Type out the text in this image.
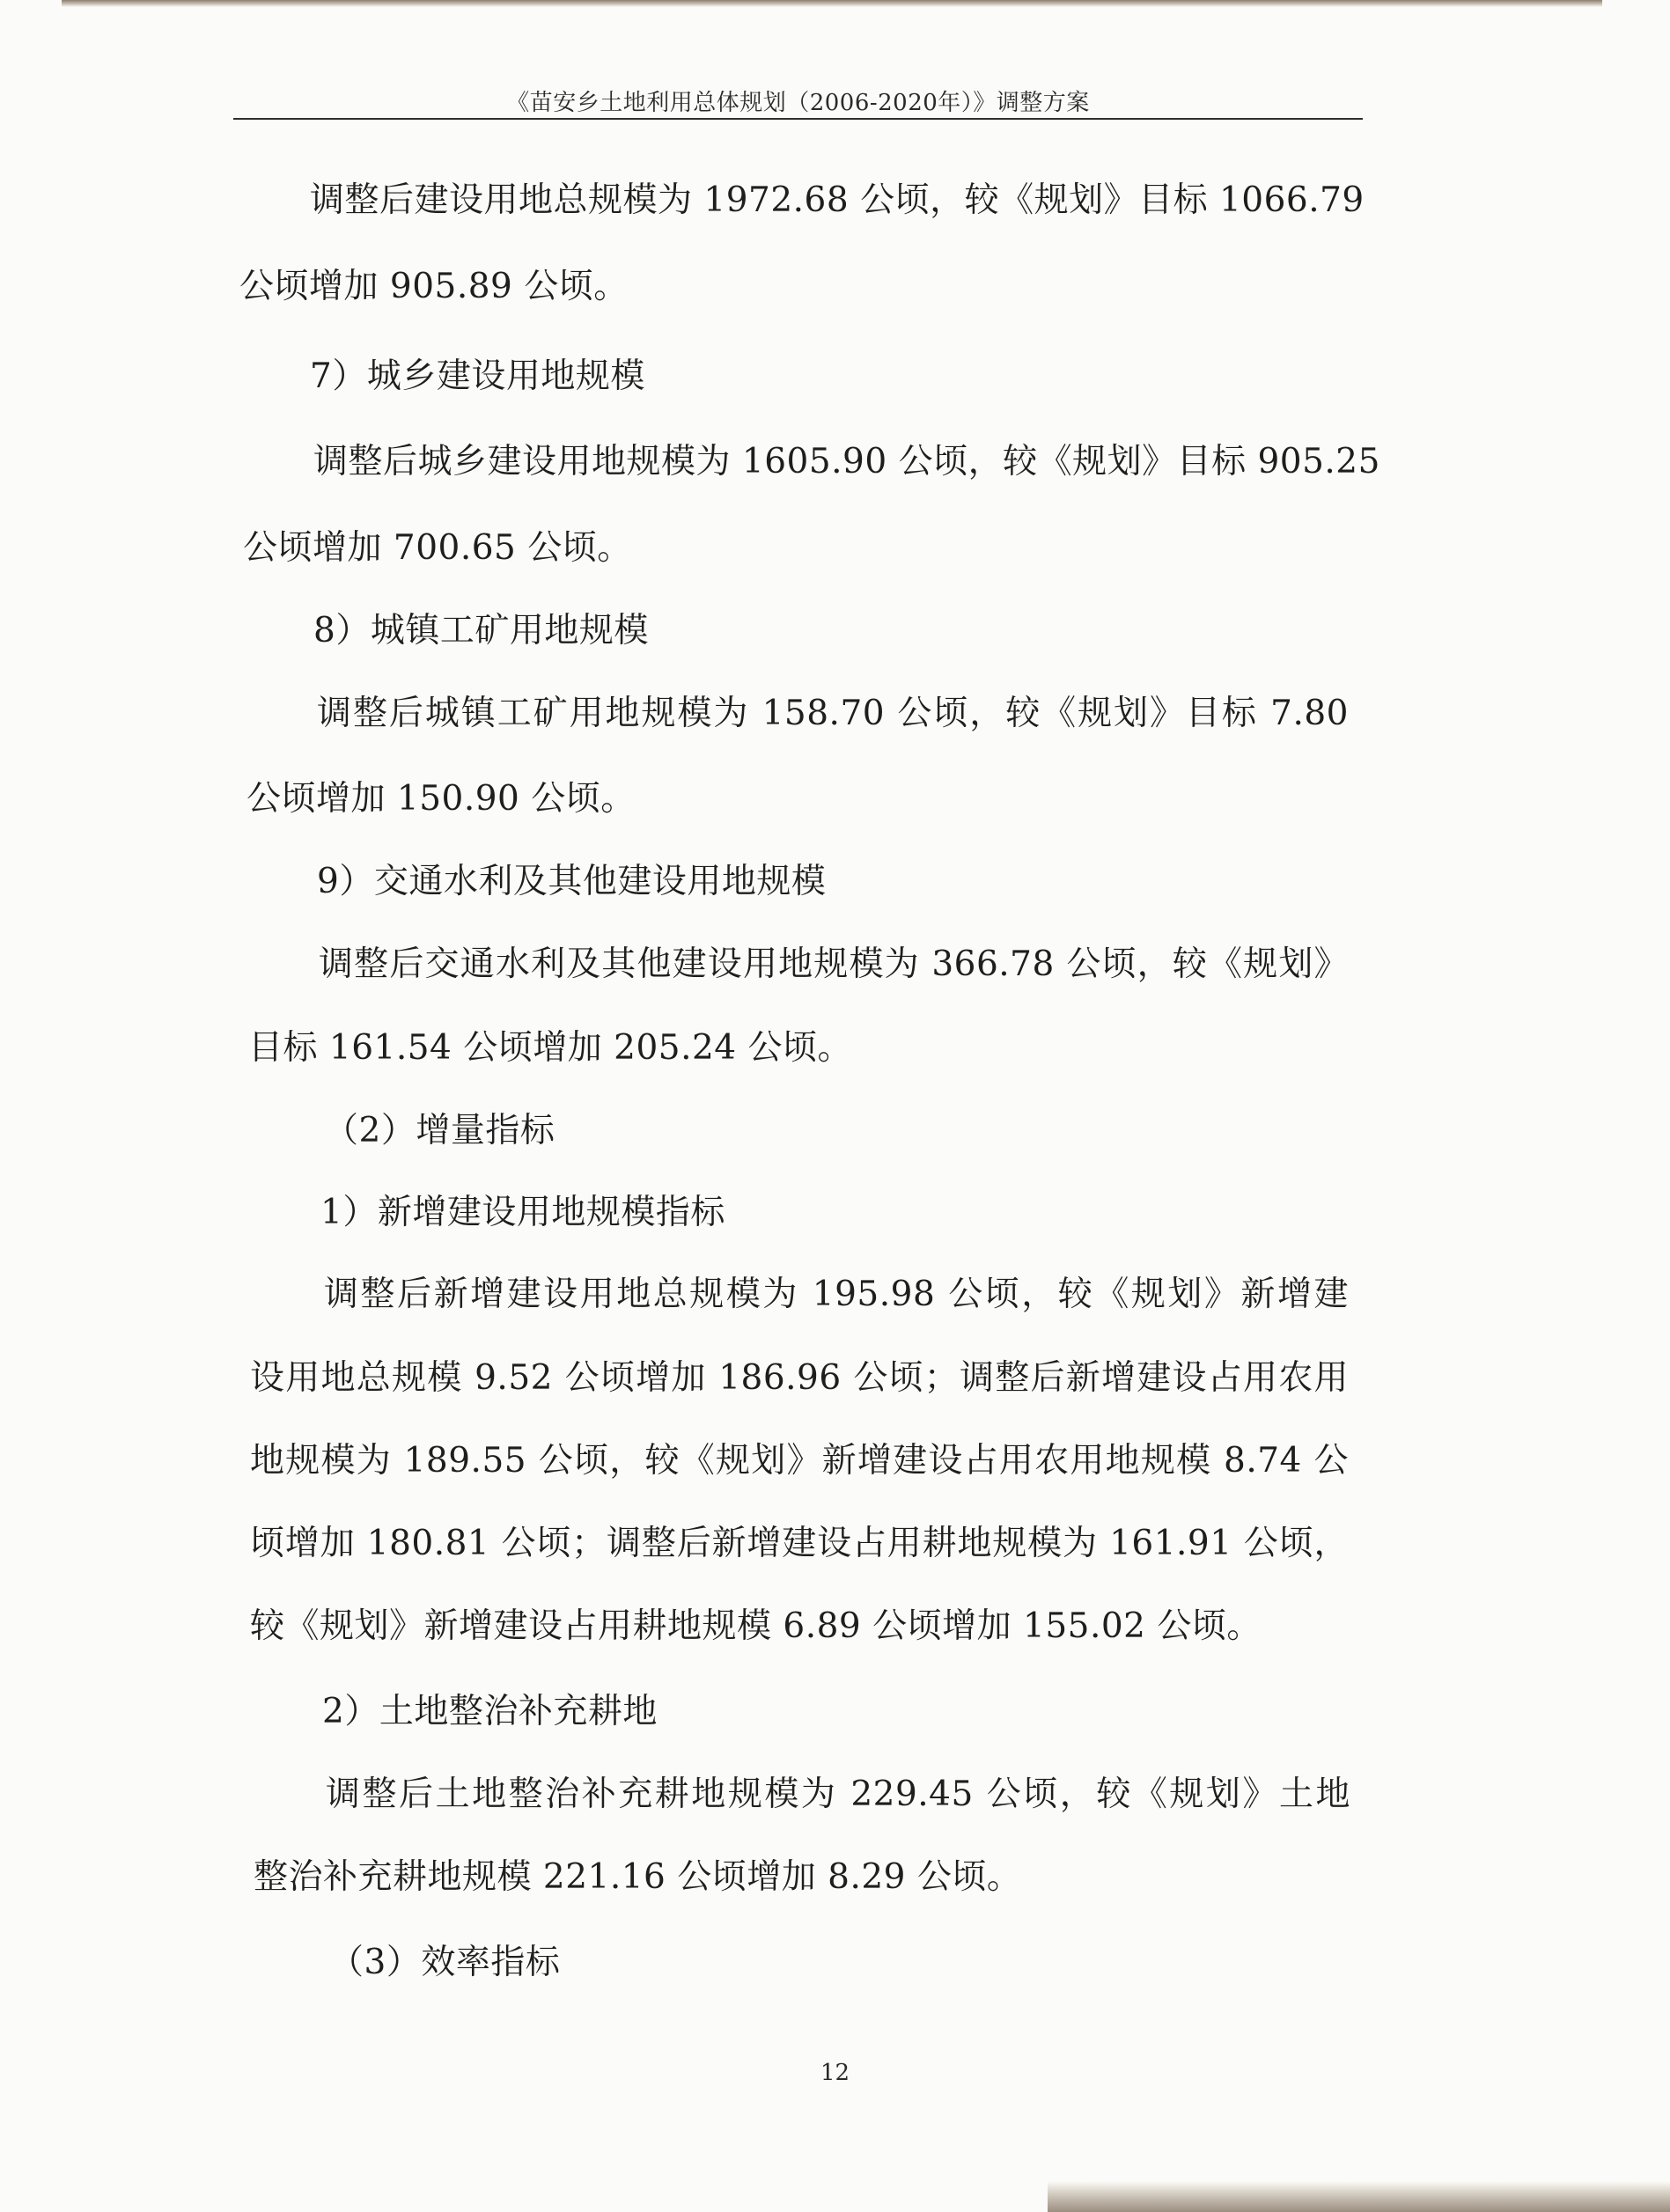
《苗安乡土地利用总体规划（2006-2020年）》调整方案
调整后建设用地总规模为 1972.68 公顷，较《规划》目标 1066.79
公顷增加 905.89 公顷。
7）城乡建设用地规模
调整后城乡建设用地规模为 1605.90 公顷，较《规划》目标 905.25
公顷增加 700.65 公顷。
8）城镇工矿用地规模
调整后城镇工矿用地规模为 158.70 公顷，较《规划》目标 7.80
公顷增加 150.90 公顷。
9）交通水利及其他建设用地规模
调整后交通水利及其他建设用地规模为 366.78 公顷，较《规划》
目标 161.54 公顷增加 205.24 公顷。
（2）增量指标
1）新增建设用地规模指标
调整后新增建设用地总规模为 195.98 公顷，较《规划》新增建
设用地总规模 9.52 公顷增加 186.96 公顷；调整后新增建设占用农用
地规模为 189.55 公顷，较《规划》新增建设占用农用地规模 8.74 公
顷增加 180.81 公顷；调整后新增建设占用耕地规模为 161.91 公顷，
较《规划》新增建设占用耕地规模 6.89 公顷增加 155.02 公顷。
2）土地整治补充耕地
调整后土地整治补充耕地规模为 229.45 公顷，较《规划》土地
整治补充耕地规模 221.16 公顷增加 8.29 公顷。
（3）效率指标
12
